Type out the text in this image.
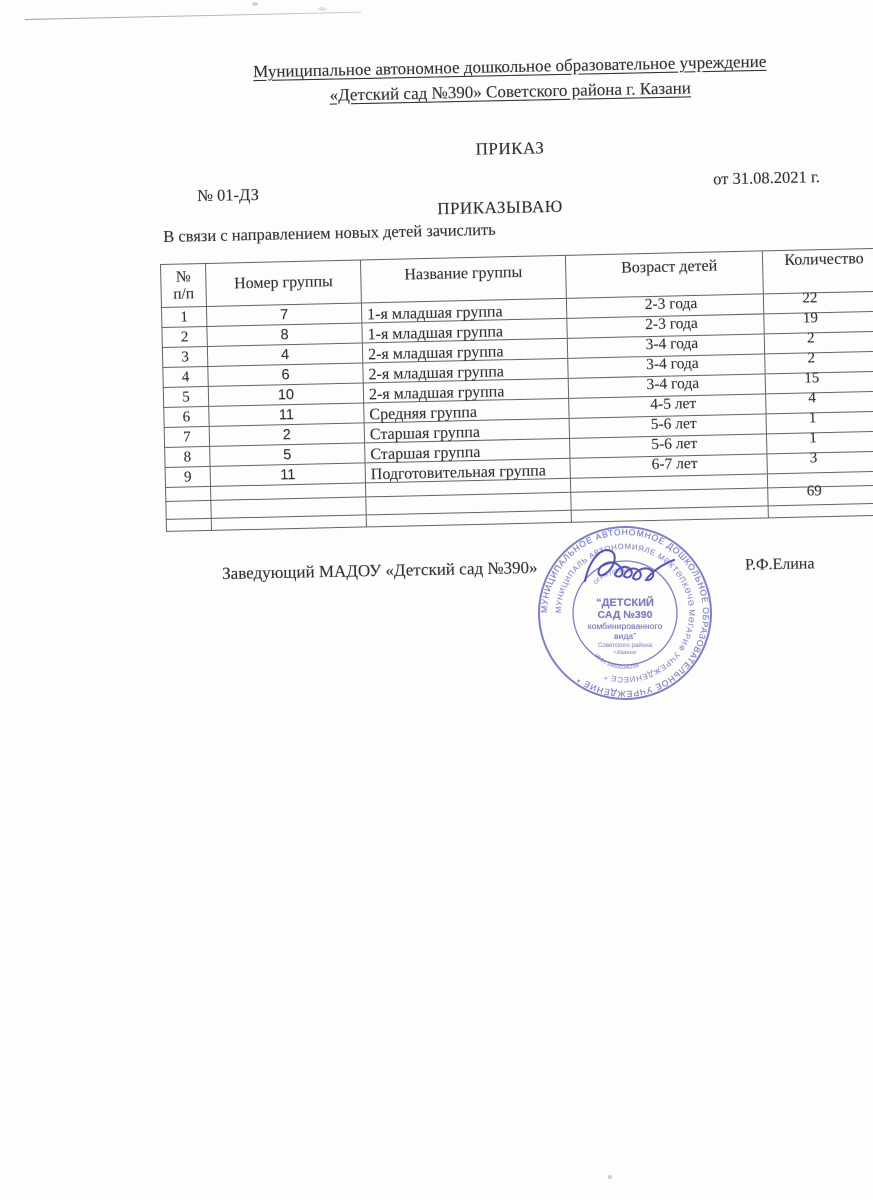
Муниципальное автономное дошкольное образовательное учреждение
«Детский сад №390» Советского района г. Казани
ПРИКАЗ
от 31.08.2021 г.
№ 01-ДЗ
ПРИКАЗЫВАЮ
В связи с направлением новых детей зачислить
№
п/п	Номер группы	Название группы	Возраст детей	Количество

1	7	1-я младшая группа	2-3 года	22

2	8	1-я младшая группа	2-3 года	19

3	4	2-я младшая группа	3-4 года	2

4	6	2-я младшая группа	3-4 года	2

5	10	2-я младшая группа	3-4 года	15

6	11	Средняя группа	4-5 лет	4

7	2	Старшая группа	5-6 лет	1

8	5	Старшая группа	5-6 лет	1

9	11	Подготовительная группа	6-7 лет	3

				69

Заведующий МАДОУ «Детский сад №390»	Р.Ф.Елина
МУНИЦИПАЛЬНОЕ АВТОНОМНОЕ ДОШКОЛЬНОЕ ОБРАЗОВАТЕЛЬНОЕ УЧРЕЖДЕНИЕ *
МУНИЦИПАЛЬ АВТОНОМИЯЛЕ МӘКТӘПКӘЧӘ МӘГАРИФ УЧРЕЖДЕНИЕСЕ *
ОГРН 1031628
“ДЕТСКИЙ
САД №390
комбинированного
вида”
Советского района
г.Казани
ИНН 1660034255
